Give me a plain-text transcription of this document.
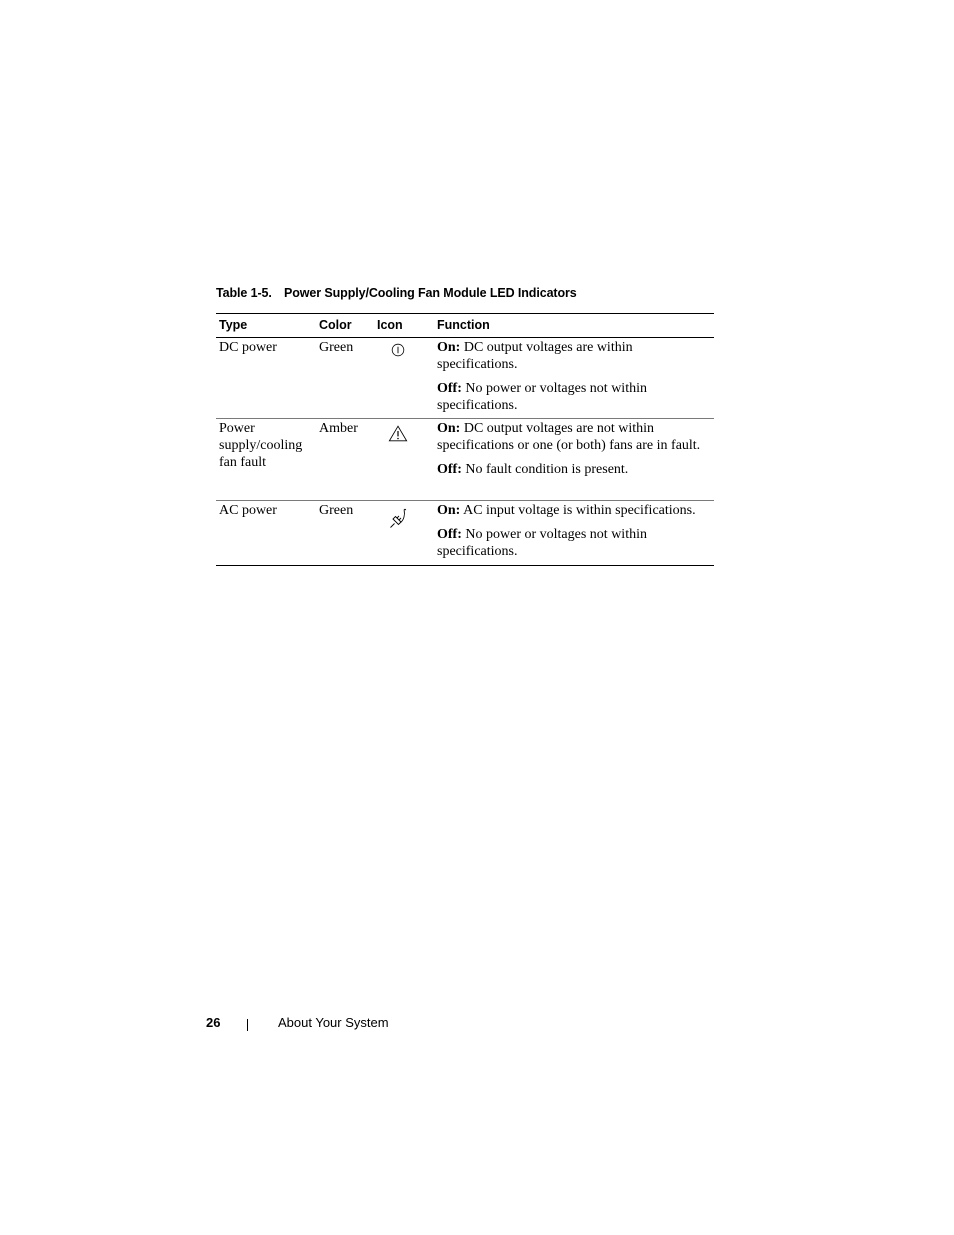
Table 1-5. Power Supply/Cooling Fan Module LED Indicators
Type	Color	Icon	Function
DC power	Green		On: DC output voltages are within specifications.

Off: No power or voltages not within specifications.

Power supply/cooling fan fault	Amber		On: DC output voltages are not within specifications or one (or both) fans are in fault.

Off: No fault condition is present.

AC power	Green		On: AC input voltage is within specifications.

Off: No power or voltages not within specifications.

26	About Your System
